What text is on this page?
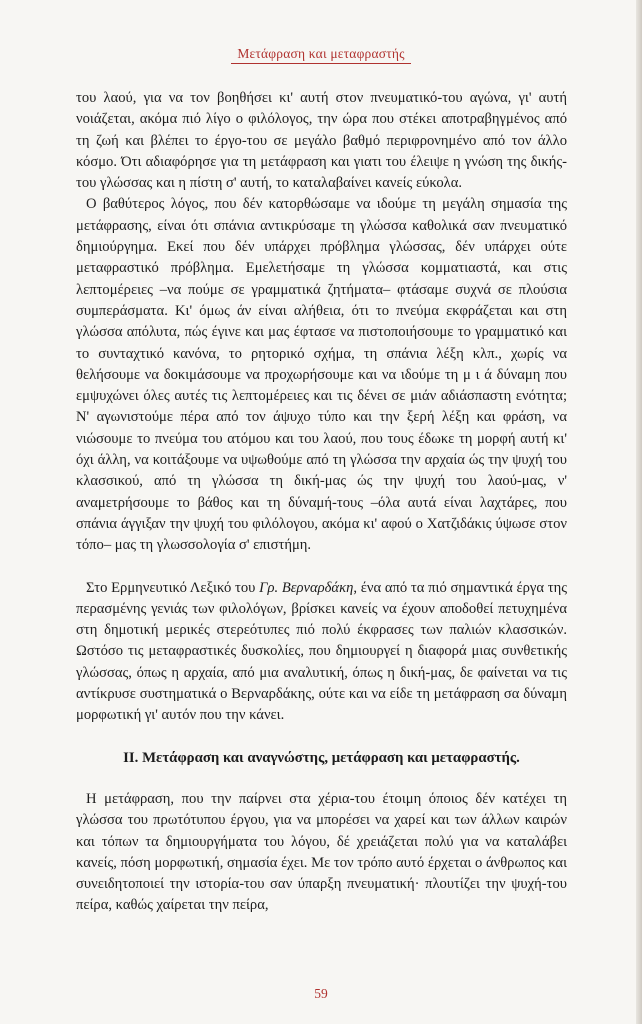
Μετάφραση και μεταφραστής

του λαού, για να τον βοηθήσει κι' αυτή στον πνευματικό-του αγώνα, γι' αυτή νοιάζεται, ακόμα πιό λίγο ο φιλόλογος, την ώρα που στέκει αποτραβηγμένος από τη ζωή και βλέπει το έργο-του σε μεγάλο βαθμό περιφρονημένο από τον άλλο κόσμο. Ότι αδιαφόρησε για τη μετάφραση και γιατι του έλειψε η γνώση της δικής-του γλώσσας και η πίστη σ' αυτή, το καταλαβαίνει κανείς εύκολα.

Ο βαθύτερος λόγος, που δέν κατορθώσαμε να ιδούμε τη μεγάλη σημασία της μετάφρασης, είναι ότι σπάνια αντικρύσαμε τη γλώσσα καθολικά σαν πνευματικό δημιούργημα. Εκεί που δέν υπάρχει πρόβλημα γλώσσας, δέν υπάρχει ούτε μεταφραστικό πρόβλημα. Εμελετήσαμε τη γλώσσα κομματιαστά, και στις λεπτομέρειες –να πούμε σε γραμματικά ζητήματα– φτάσαμε συχνά σε πλούσια συμπεράσματα. Κι' όμως άν είναι αλήθεια, ότι το πνεύμα εκφράζεται και στη γλώσσα απόλυτα, πώς έγινε και μας έφτασε να πιστοποιήσουμε το γραμματικό και το συνταχτικό κανόνα, το ρητορικό σχήμα, τη σπάνια λέξη κλπ., χωρίς να θελήσουμε να δοκιμάσουμε να προχωρήσουμε και να ιδούμε τη μ ι ά δύναμη που εμψυχώνει όλες αυτές τις λεπτομέρειες και τις δένει σε μιάν αδιάσπαστη ενότητα; Ν' αγωνιστούμε πέρα από τον άψυχο τύπο και την ξερή λέξη και φράση, να νιώσουμε το πνεύμα του ατόμου και του λαού, που τους έδωκε τη μορφή αυτή κι' όχι άλλη, να κοιτάξουμε να υψωθούμε από τη γλώσσα την αρχαία ώς την ψυχή του κλασσικού, από τη γλώσσα τη δική-μας ώς την ψυχή του λαού-μας, ν' αναμετρήσουμε το βάθος και τη δύναμή-τους –όλα αυτά είναι λαχτάρες, που σπάνια άγγιξαν την ψυχή του φιλόλογου, ακόμα κι' αφού ο Χατζιδάκις ύψωσε στον τόπο– μας τη γλωσσολογία σ' επιστήμη.

Στο Ερμηνευτικό Λεξικό του Γρ. Βερναρδάκη, ένα από τα πιό σημαντικά έργα της περασμένης γενιάς των φιλολόγων, βρίσκει κανείς να έχουν αποδοθεί πετυχημένα στη δημοτική μερικές στερεότυπες πιό πολύ έκφρασες των παλιών κλασσικών. Ωστόσο τις μεταφραστικές δυσκολίες, που δημιουργεί η διαφορά μιας συνθετικής γλώσσας, όπως η αρχαία, από μια αναλυτική, όπως η δική-μας, δε φαίνεται να τις αντίκρυσε συστηματικά ο Βερναρδάκης, ούτε και να είδε τη μετάφραση σα δύναμη μορφωτική γι' αυτόν που την κάνει.

ΙΙ. Μετάφραση και αναγνώστης, μετάφραση και μεταφραστής.

Η μετάφραση, που την παίρνει στα χέρια-του έτοιμη όποιος δέν κατέχει τη γλώσσα του πρωτότυπου έργου, για να μπορέσει να χαρεί και των άλλων καιρών και τόπων τα δημιουργήματα του λόγου, δέ χρειάζεται πολύ για να καταλάβει κανείς, πόση μορφωτική, σημασία έχει. Με τον τρόπο αυτό έρχεται ο άνθρωπος και συνειδητοποιεί την ιστορία-του σαν ύπαρξη πνευματική· πλουτίζει την ψυχή-του πείρα, καθώς χαίρεται την πείρα,

59
